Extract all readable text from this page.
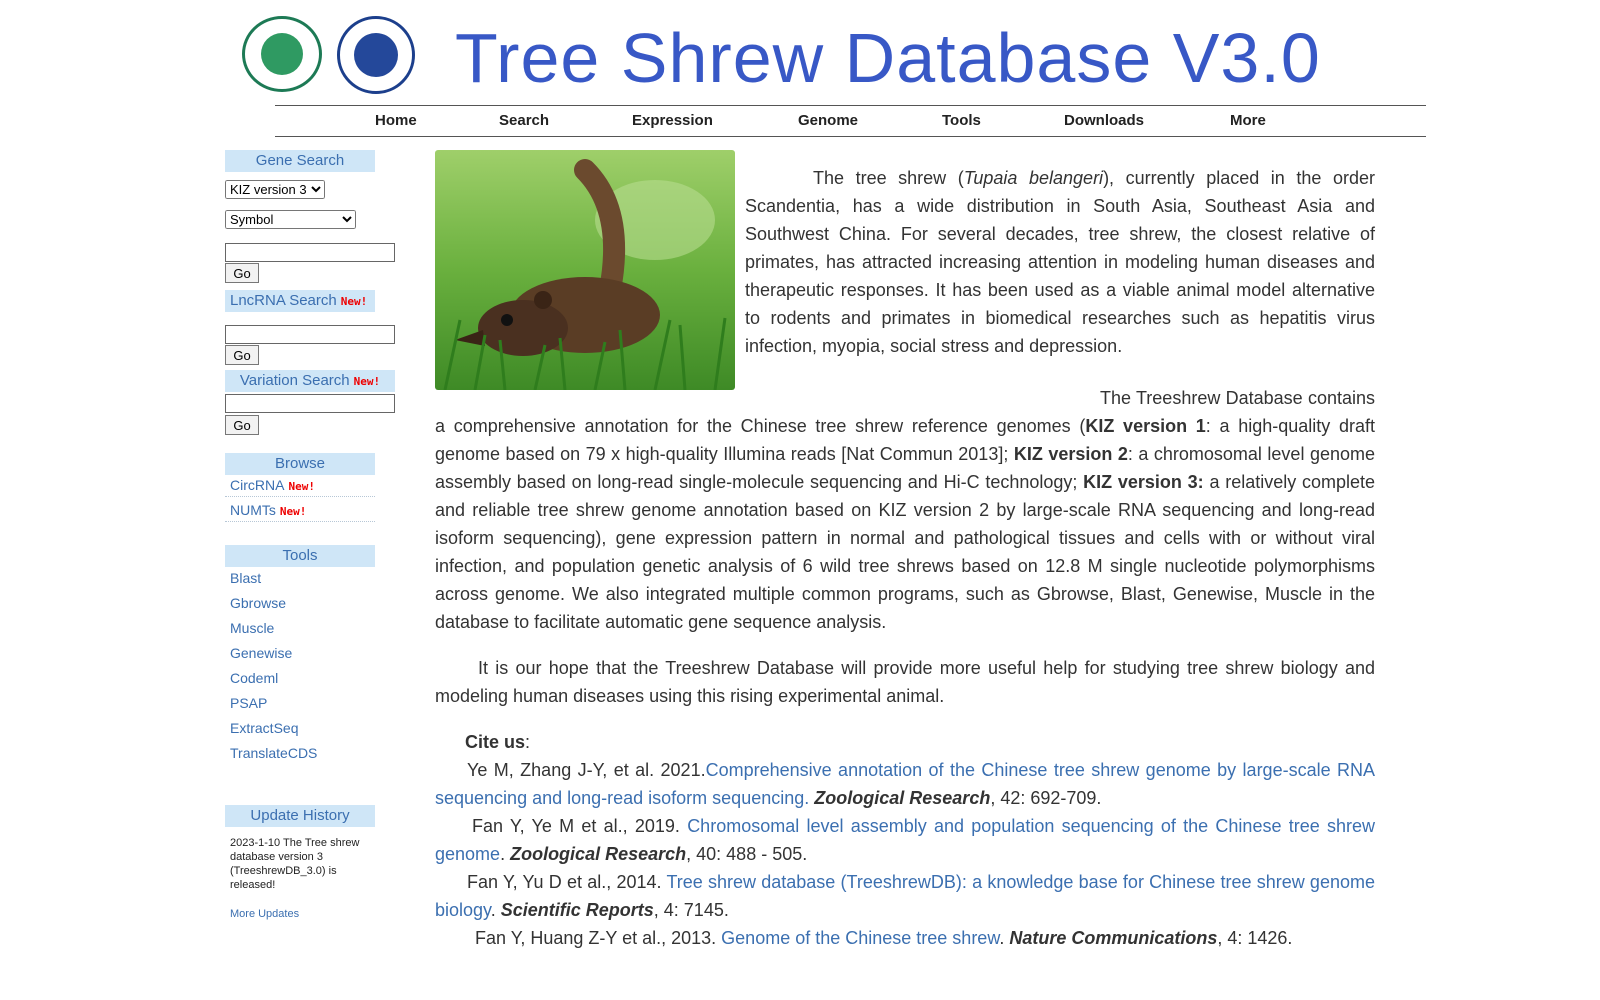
Tree Shrew Database V3.0
Home	Search	Expression	Genome	Tools	Downloads	More
Gene Search
KIZ version 3
Symbol
Go
LncRNA Search New!
Go
Variation Search New!
Go
Browse
CircRNA New!
NUMTs New!
Tools
Blast
Gbrowse
Muscle
Genewise
Codeml
PSAP
ExtractSeq
TranslateCDS
Update History
2023-1-10 The Tree shrew database version 3 (TreeshrewDB_3.0) is released!
More Updates

The tree shrew (Tupaia belangeri), currently placed in the order Scandentia, has a wide distribution in South Asia, Southeast Asia and Southwest China. For several decades, tree shrew, the closest relative of primates, has attracted increasing attention in modeling human diseases and therapeutic responses. It has been used as a viable animal model alternative to rodents and primates in biomedical researches such as hepatitis virus infection, myopia, social stress and depression.

The Treeshrew Database contains a comprehensive annotation for the Chinese tree shrew reference genomes (KIZ version 1: a high-quality draft genome based on 79 x high-quality Illumina reads [Nat Commun 2013]; KIZ version 2: a chromosomal level genome assembly based on long-read single-molecule sequencing and Hi-C technology; KIZ version 3: a relatively complete and reliable tree shrew genome annotation based on KIZ version 2 by large-scale RNA sequencing and long-read isoform sequencing), gene expression pattern in normal and pathological tissues and cells with or without viral infection, and population genetic analysis of 6 wild tree shrews based on 12.8 M single nucleotide polymorphisms across genome. We also integrated multiple common programs, such as Gbrowse, Blast, Genewise, Muscle in the database to facilitate automatic gene sequence analysis.

It is our hope that the Treeshrew Database will provide more useful help for studying tree shrew biology and modeling human diseases using this rising experimental animal.

Cite us:
Ye M, Zhang J-Y, et al. 2021.Comprehensive annotation of the Chinese tree shrew genome by large-scale RNA sequencing and long-read isoform sequencing. Zoological Research, 42: 692-709.
Fan Y, Ye M et al., 2019. Chromosomal level assembly and population sequencing of the Chinese tree shrew genome. Zoological Research, 40: 488 - 505.
Fan Y, Yu D et al., 2014. Tree shrew database (TreeshrewDB): a knowledge base for Chinese tree shrew genome biology. Scientific Reports, 4: 7145.
Fan Y, Huang Z-Y et al., 2013. Genome of the Chinese tree shrew. Nature Communications, 4: 1426.
